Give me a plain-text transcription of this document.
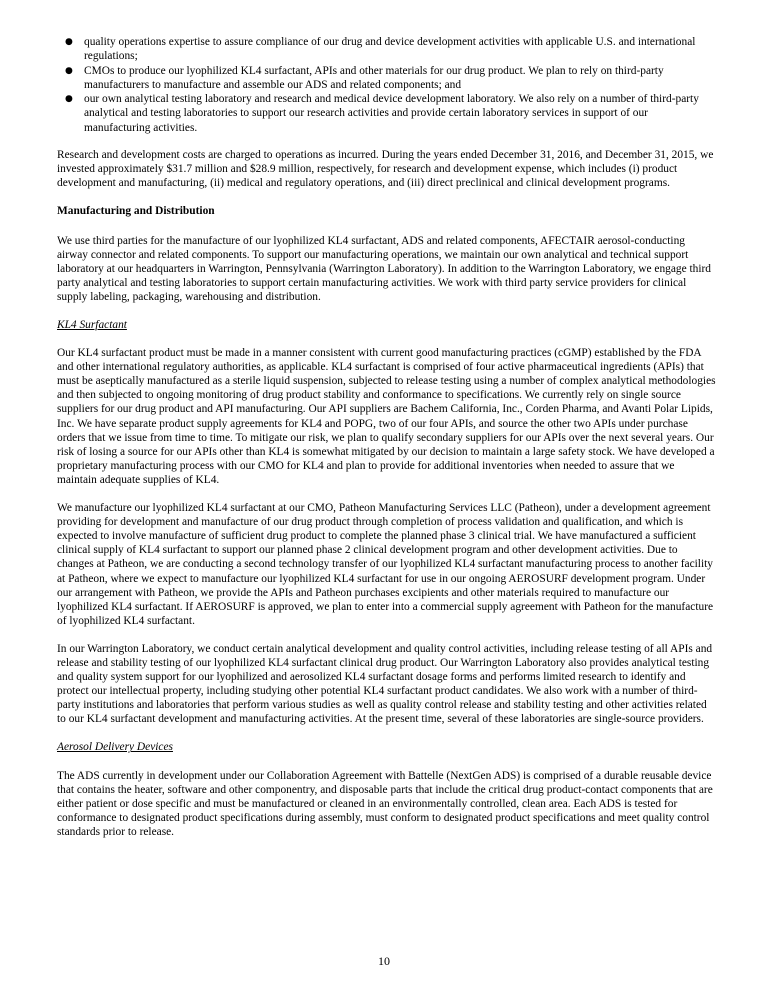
● quality operations expertise to assure compliance of our drug and device development activities with applicable U.S. and international regulations;
● CMOs to produce our lyophilized KL4 surfactant, APIs and other materials for our drug product. We plan to rely on third-party manufacturers to manufacture and assemble our ADS and related components; and
● our own analytical testing laboratory and research and medical device development laboratory. We also rely on a number of third-party analytical and testing laboratories to support our research activities and provide certain laboratory services in support of our manufacturing activities.

Research and development costs are charged to operations as incurred. During the years ended December 31, 2016, and December 31, 2015, we invested approximately $31.7 million and $28.9 million, respectively, for research and development expense, which includes (i) product development and manufacturing, (ii) medical and regulatory operations, and (iii) direct preclinical and clinical development programs.

Manufacturing and Distribution

We use third parties for the manufacture of our lyophilized KL4 surfactant, ADS and related components, AFECTAIR aerosol-conducting airway connector and related components. To support our manufacturing operations, we maintain our own analytical and technical support laboratory at our headquarters in Warrington, Pennsylvania (Warrington Laboratory). In addition to the Warrington Laboratory, we engage third party analytical and testing laboratories to support certain manufacturing activities. We work with third party service providers for clinical supply labeling, packaging, warehousing and distribution.

KL4 Surfactant

Our KL4 surfactant product must be made in a manner consistent with current good manufacturing practices (cGMP) established by the FDA and other international regulatory authorities, as applicable. KL4 surfactant is comprised of four active pharmaceutical ingredients (APIs) that must be aseptically manufactured as a sterile liquid suspension, subjected to release testing using a number of complex analytical methodologies and then subjected to ongoing monitoring of drug product stability and conformance to specifications. We currently rely on single source suppliers for our drug product and API manufacturing. Our API suppliers are Bachem California, Inc., Corden Pharma, and Avanti Polar Lipids, Inc. We have separate product supply agreements for KL4 and POPG, two of our four APIs, and source the other two APIs under purchase orders that we issue from time to time. To mitigate our risk, we plan to qualify secondary suppliers for our APIs over the next several years. Our risk of losing a source for our APIs other than KL4 is somewhat mitigated by our decision to maintain a large safety stock. We have developed a proprietary manufacturing process with our CMO for KL4 and plan to provide for additional inventories when needed to assure that we maintain adequate supplies of KL4.

We manufacture our lyophilized KL4 surfactant at our CMO, Patheon Manufacturing Services LLC (Patheon), under a development agreement providing for development and manufacture of our drug product through completion of process validation and qualification, and which is expected to involve manufacture of sufficient drug product to complete the planned phase 3 clinical trial. We have manufactured a sufficient clinical supply of KL4 surfactant to support our planned phase 2 clinical development program and other development activities. Due to changes at Patheon, we are conducting a second technology transfer of our lyophilized KL4 surfactant manufacturing process to another facility at Patheon, where we expect to manufacture our lyophilized KL4 surfactant for use in our ongoing AEROSURF development program. Under our arrangement with Patheon, we provide the APIs and Patheon purchases excipients and other materials required to manufacture our lyophilized KL4 surfactant. If AEROSURF is approved, we plan to enter into a commercial supply agreement with Patheon for the manufacture of lyophilized KL4 surfactant.

In our Warrington Laboratory, we conduct certain analytical development and quality control activities, including release testing of all APIs and release and stability testing of our lyophilized KL4 surfactant clinical drug product. Our Warrington Laboratory also provides analytical testing and quality system support for our lyophilized and aerosolized KL4 surfactant dosage forms and performs limited research to identify and protect our intellectual property, including studying other potential KL4 surfactant product candidates. We also work with a number of third-party institutions and laboratories that perform various studies as well as quality control release and stability testing and other activities related to our KL4 surfactant development and manufacturing activities. At the present time, several of these laboratories are single-source providers.

Aerosol Delivery Devices

The ADS currently in development under our Collaboration Agreement with Battelle (NextGen ADS) is comprised of a durable reusable device that contains the heater, software and other componentry, and disposable parts that include the critical drug product-contact components that are either patient or dose specific and must be manufactured or cleaned in an environmentally controlled, clean area. Each ADS is tested for conformance to designated product specifications during assembly, must conform to designated product specifications and meet quality control standards prior to release.

10
